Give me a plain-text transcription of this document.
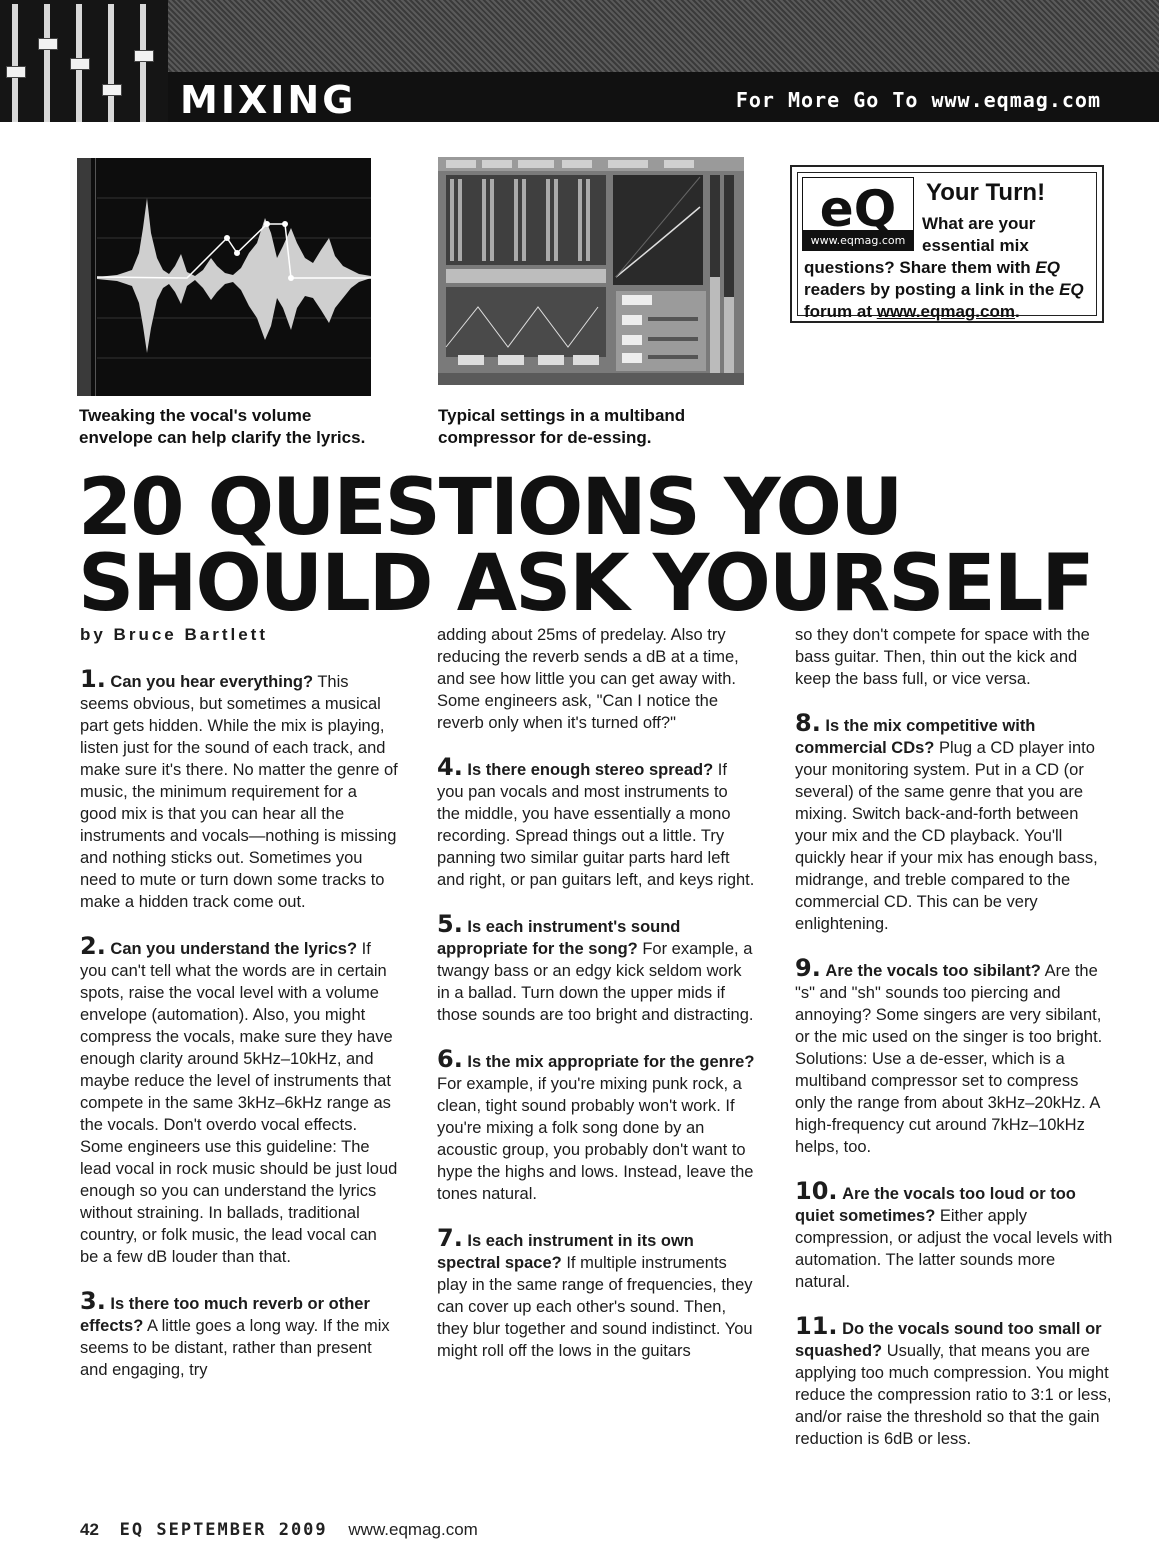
MIXING	For More Go To www.eqmag.com
Tweaking the vocal's volume envelope can help clarify the lyrics.
Typical settings in a multiband compressor for de-essing.
eQ
www.eqmag.com
Your Turn!
What are your essential mix questions? Share them with EQ readers by posting a link in the EQ forum at www.eqmag.com.
20 QUESTIONS YOU
SHOULD ASK YOURSELF

by Bruce Bartlett

1. Can you hear everything? This seems obvious, but sometimes a musical part gets hidden. While the mix is playing, listen just for the sound of each track, and make sure it's there. No matter the genre of music, the minimum requirement for a good mix is that you can hear all the instruments and vocals—nothing is missing and nothing sticks out. Sometimes you need to mute or turn down some tracks to make a hidden track come out.

2. Can you understand the lyrics? If you can't tell what the words are in certain spots, raise the vocal level with a volume envelope (automation). Also, you might compress the vocals, make sure they have enough clarity around 5kHz–10kHz, and maybe reduce the level of instruments that compete in the same 3kHz–6kHz range as the vocals. Don't overdo vocal effects. Some engineers use this guideline: The lead vocal in rock music should be just loud enough so you can understand the lyrics without straining. In ballads, traditional country, or folk music, the lead vocal can be a few dB louder than that.

3. Is there too much reverb or other effects? A little goes a long way. If the mix seems to be distant, rather than present and engaging, try

adding about 25ms of predelay. Also try reducing the reverb sends a dB at a time, and see how little you can get away with. Some engineers ask, "Can I notice the reverb only when it's turned off?"

4. Is there enough stereo spread? If you pan vocals and most instruments to the middle, you have essentially a mono recording. Spread things out a little. Try panning two similar guitar parts hard left and right, or pan guitars left, and keys right.

5. Is each instrument's sound appropriate for the song? For example, a twangy bass or an edgy kick seldom work in a ballad. Turn down the upper mids if those sounds are too bright and distracting.

6. Is the mix appropriate for the genre? For example, if you're mixing punk rock, a clean, tight sound probably won't work. If you're mixing a folk song done by an acoustic group, you probably don't want to hype the highs and lows. Instead, leave the tones natural.

7. Is each instrument in its own spectral space? If multiple instruments play in the same range of frequencies, they can cover up each other's sound. Then, they blur together and sound indistinct. You might roll off the lows in the guitars

so they don't compete for space with the bass guitar. Then, thin out the kick and keep the bass full, or vice versa.

8. Is the mix competitive with commercial CDs? Plug a CD player into your monitoring system. Put in a CD (or several) of the same genre that you are mixing. Switch back-and-forth between your mix and the CD playback. You'll quickly hear if your mix has enough bass, midrange, and treble compared to the commercial CD. This can be very enlightening.

9. Are the vocals too sibilant? Are the "s" and "sh" sounds too piercing and annoying? Some singers are very sibilant, or the mic used on the singer is too bright. Solutions: Use a de-esser, which is a multiband compressor set to compress only the range from about 3kHz–20kHz. A high-frequency cut around 7kHz–10kHz helps, too.

10. Are the vocals too loud or too quiet sometimes? Either apply compression, or adjust the vocal levels with automation. The latter sounds more natural.

11. Do the vocals sound too small or squashed? Usually, that means you are applying too much compression. You might reduce the compression ratio to 3:1 or less, and/or raise the threshold so that the gain reduction is 6dB or less.

42 EQ SEPTEMBER 2009 www.eqmag.com
